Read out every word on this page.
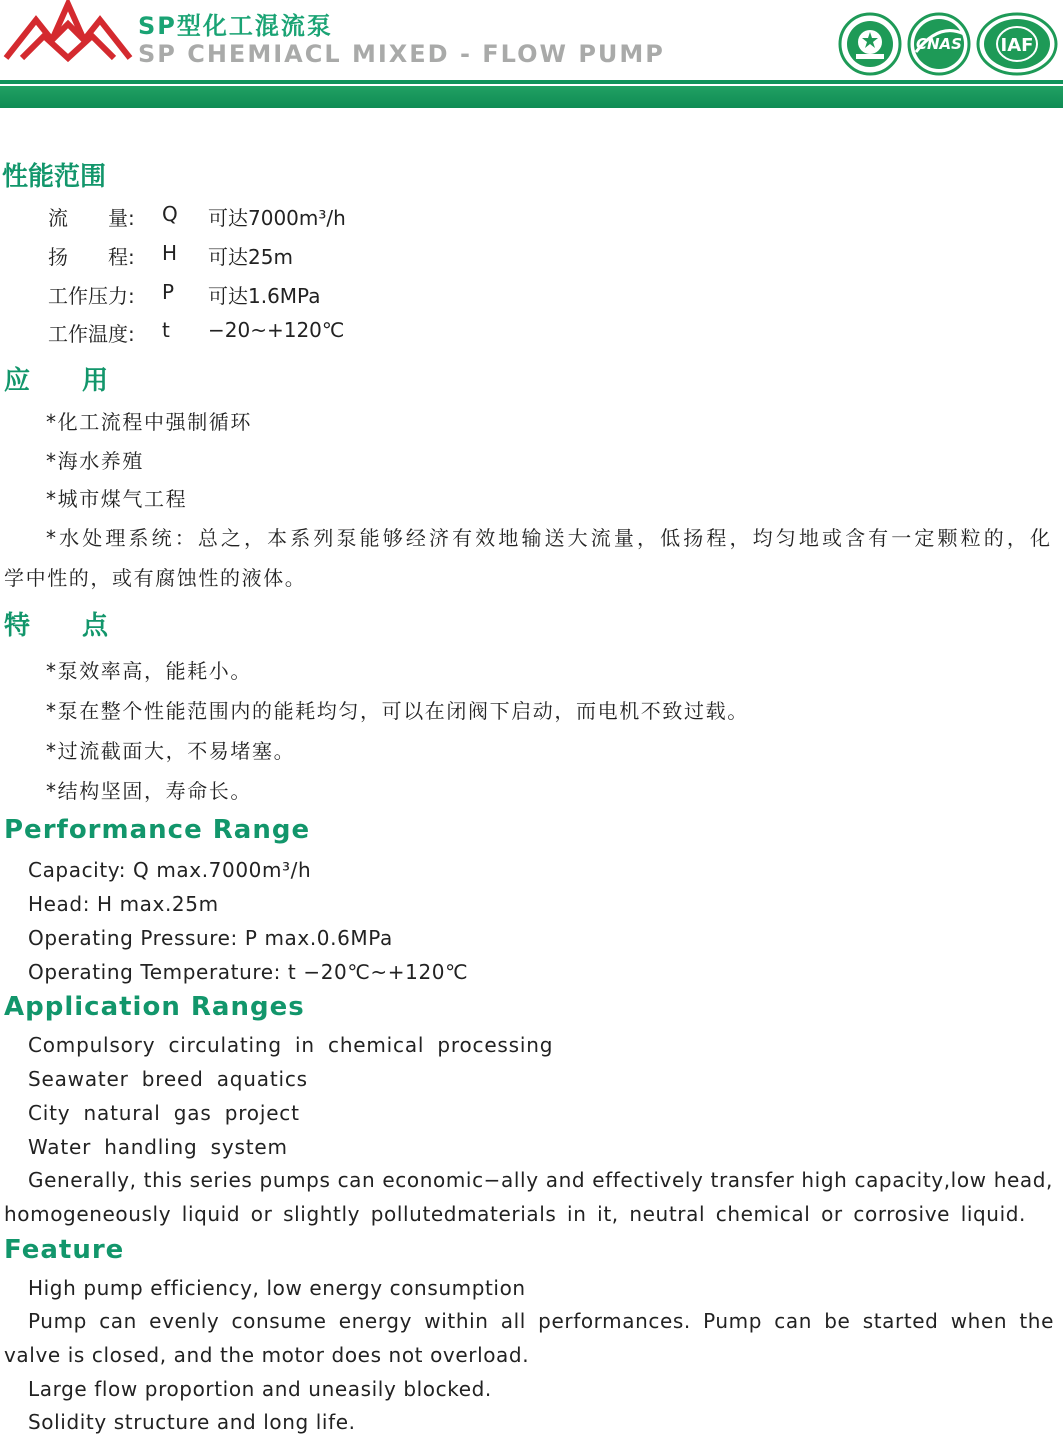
SP型化工混流泵
SP CHEMIACL MIXED - FLOW PUMP	CNAS IAF
性能范围
流　　量: Q 可达7000m³/h
扬　　程: H 可达25m
工作压力: P 可达1.6MPa
工作温度: t −20~+120℃
应　　用
*化工流程中强制循环
*海水养殖
*城市煤气工程
*水处理系统：总之，本系列泵能够经济有效地输送大流量，低扬程，均匀地或含有一定颗粒的，化
学中性的，或有腐蚀性的液体。
特　　点
*泵效率高，能耗小。
*泵在整个性能范围内的能耗均匀，可以在闭阀下启动，而电机不致过载。
*过流截面大，不易堵塞。
*结构坚固，寿命长。
Performance Range
Capacity: Q max.7000m³/h
Head: H max.25m
Operating Pressure: P max.0.6MPa
Operating Temperature: t −20℃~+120℃
Application Ranges
Compulsory circulating in chemical processing
Seawater breed aquatics
City natural gas project
Water handling system
Generally, this series pumps can economic−ally and effectively transfer high capacity,low head,
homogeneously liquid or slightly pollutedmaterials in it, neutral chemical or corrosive liquid.
Feature
High pump efficiency, low energy consumption
Pump can evenly consume energy within all performances. Pump can be started when the
valve is closed, and the motor does not overload.
Large flow proportion and uneasily blocked.
Solidity structure and long life.
